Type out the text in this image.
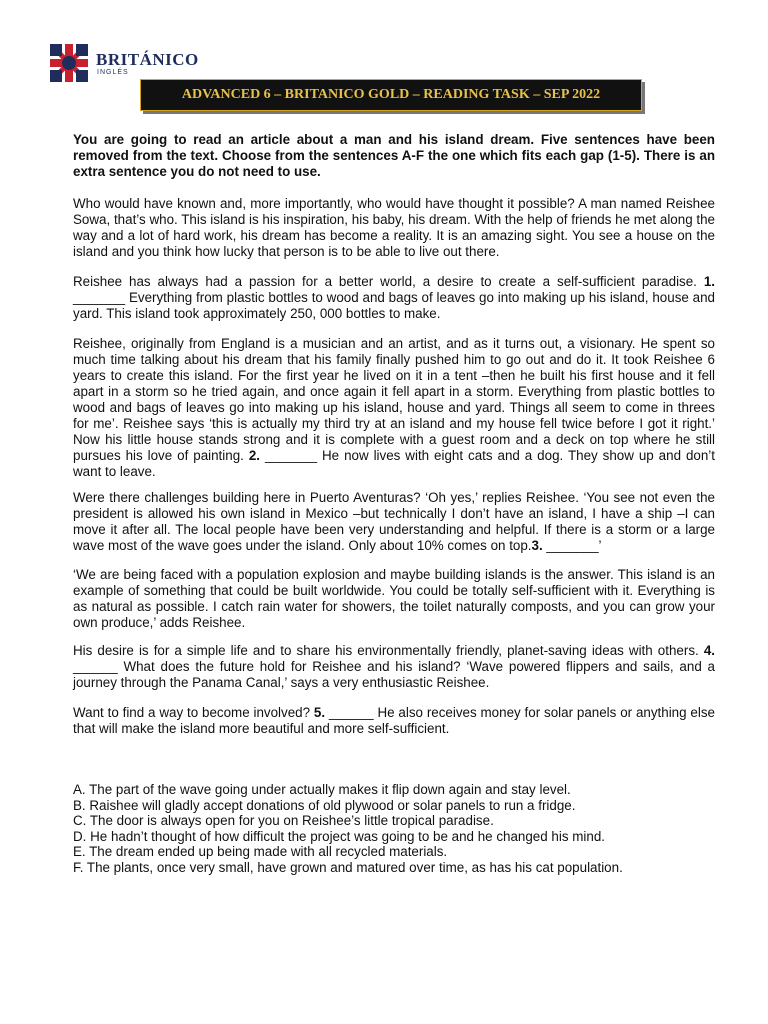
BRITÁNICO
INGLÉS
ADVANCED 6 – BRITANICO GOLD – READING TASK – SEP 2022

You are going to read an article about a man and his island dream. Five sentences have been removed from the text. Choose from the sentences A-F the one which fits each gap (1-5). There is an extra sentence you do not need to use.

Who would have known and, more importantly, who would have thought it possible? A man named Reishee Sowa, that’s who. This island is his inspiration, his baby, his dream. With the help of friends he met along the way and a lot of hard work, his dream has become a reality. It is an amazing sight. You see a house on the island and you think how lucky that person is to be able to live out there.

Reishee has always had a passion for a better world, a desire to create a self-sufficient paradise. 1. _______ Everything from plastic bottles to wood and bags of leaves go into making up his island, house and yard. This island took approximately 250, 000 bottles to make.

Reishee, originally from England is a musician and an artist, and as it turns out, a visionary. He spent so much time talking about his dream that his family finally pushed him to go out and do it. It took Reishee 6 years to create this island. For the first year he lived on it in a tent –then he built his first house and it fell apart in a storm so he tried again, and once again it fell apart in a storm. Everything from plastic bottles to wood and bags of leaves go into making up his island, house and yard. Things all seem to come in threes for me’. Reishee says ‘this is actually my third try at an island and my house fell twice before I got it right.’ Now his little house stands strong and it is complete with a guest room and a deck on top where he still pursues his love of painting. 2. _______ He now lives with eight cats and a dog. They show up and don’t want to leave.

Were there challenges building here in Puerto Aventuras? ‘Oh yes,’ replies Reishee. ‘You see not even the president is allowed his own island in Mexico –but technically I don’t have an island, I have a ship –I can move it after all. The local people have been very understanding and helpful. If there is a storm or a large wave most of the wave goes under the island. Only about 10% comes on top.3. _______’

‘We are being faced with a population explosion and maybe building islands is the answer. This island is an example of something that could be built worldwide. You could be totally self-sufficient with it. Everything is as natural as possible. I catch rain water for showers, the toilet naturally composts, and you can grow your own produce,’ adds Reishee.

His desire is for a simple life and to share his environmentally friendly, planet-saving ideas with others. 4. ______ What does the future hold for Reishee and his island? ‘Wave powered flippers and sails, and a journey through the Panama Canal,’ says a very enthusiastic Reishee.

Want to find a way to become involved? 5. ______ He also receives money for solar panels or anything else that will make the island more beautiful and more self-sufficient.

A. The part of the wave going under actually makes it flip down again and stay level.
B. Raishee will gladly accept donations of old plywood or solar panels to run a fridge.
C. The door is always open for you on Reishee’s little tropical paradise.
D. He hadn’t thought of how difficult the project was going to be and he changed his mind.
E. The dream ended up being made with all recycled materials.
F. The plants, once very small, have grown and matured over time, as has his cat population.
